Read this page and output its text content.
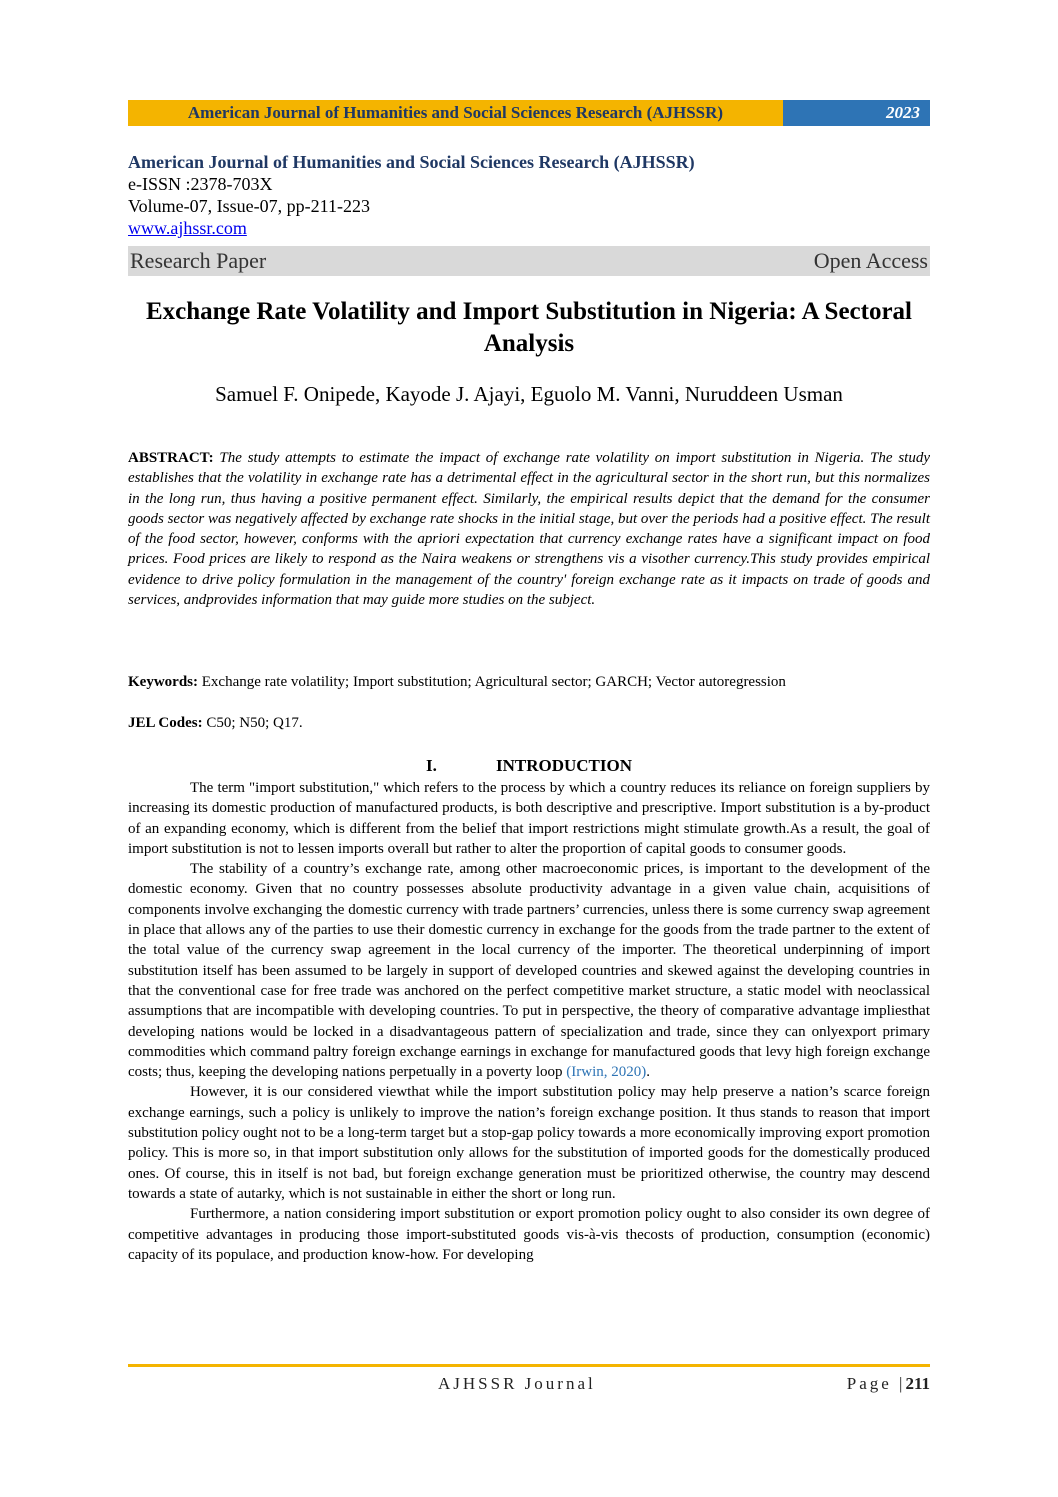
American Journal of Humanities and Social Sciences Research (AJHSSR)	2023
American Journal of Humanities and Social Sciences Research (AJHSSR)
e-ISSN :2378-703X
Volume-07, Issue-07, pp-211-223
www.ajhssr.com
Research Paper	Open Access
Exchange Rate Volatility and Import Substitution in Nigeria: A Sectoral Analysis
Samuel F. Onipede, Kayode J. Ajayi, Eguolo M. Vanni, Nuruddeen Usman
ABSTRACT: The study attempts to estimate the impact of exchange rate volatility on import substitution in Nigeria. The study establishes that the volatility in exchange rate has a detrimental effect in the agricultural sector in the short run, but this normalizes in the long run, thus having a positive permanent effect. Similarly, the empirical results depict that the demand for the consumer goods sector was negatively affected by exchange rate shocks in the initial stage, but over the periods had a positive effect. The result of the food sector, however, conforms with the apriori expectation that currency exchange rates have a significant impact on food prices. Food prices are likely to respond as the Naira weakens or strengthens vis a visother currency.This study provides empirical evidence to drive policy formulation in the management of the country' foreign exchange rate as it impacts on trade of goods and services, andprovides information that may guide more studies on the subject.
Keywords: Exchange rate volatility; Import substitution; Agricultural sector; GARCH; Vector autoregression
JEL Codes: C50; N50; Q17.
I.	INTRODUCTION

The term "import substitution," which refers to the process by which a country reduces its reliance on foreign suppliers by increasing its domestic production of manufactured products, is both descriptive and prescriptive. Import substitution is a by-product of an expanding economy, which is different from the belief that import restrictions might stimulate growth.As a result, the goal of import substitution is not to lessen imports overall but rather to alter the proportion of capital goods to consumer goods.

The stability of a country’s exchange rate, among other macroeconomic prices, is important to the development of the domestic economy. Given that no country possesses absolute productivity advantage in a given value chain, acquisitions of components involve exchanging the domestic currency with trade partners’ currencies, unless there is some currency swap agreement in place that allows any of the parties to use their domestic currency in exchange for the goods from the trade partner to the extent of the total value of the currency swap agreement in the local currency of the importer. The theoretical underpinning of import substitution itself has been assumed to be largely in support of developed countries and skewed against the developing countries in that the conventional case for free trade was anchored on the perfect competitive market structure, a static model with neoclassical assumptions that are incompatible with developing countries. To put in perspective, the theory of comparative advantage impliesthat developing nations would be locked in a disadvantageous pattern of specialization and trade, since they can onlyexport primary commodities which command paltry foreign exchange earnings in exchange for manufactured goods that levy high foreign exchange costs; thus, keeping the developing nations perpetually in a poverty loop (Irwin, 2020).

However, it is our considered viewthat while the import substitution policy may help preserve a nation’s scarce foreign exchange earnings, such a policy is unlikely to improve the nation’s foreign exchange position. It thus stands to reason that import substitution policy ought not to be a long-term target but a stop-gap policy towards a more economically improving export promotion policy. This is more so, in that import substitution only allows for the substitution of imported goods for the domestically produced ones. Of course, this in itself is not bad, but foreign exchange generation must be prioritized otherwise, the country may descend towards a state of autarky, which is not sustainable in either the short or long run.

Furthermore, a nation considering import substitution or export promotion policy ought to also consider its own degree of competitive advantages in producing those import-substituted goods vis-à-vis thecosts of production, consumption (economic) capacity of its populace, and production know-how. For developing

AJHSSR Journal	Page |211
